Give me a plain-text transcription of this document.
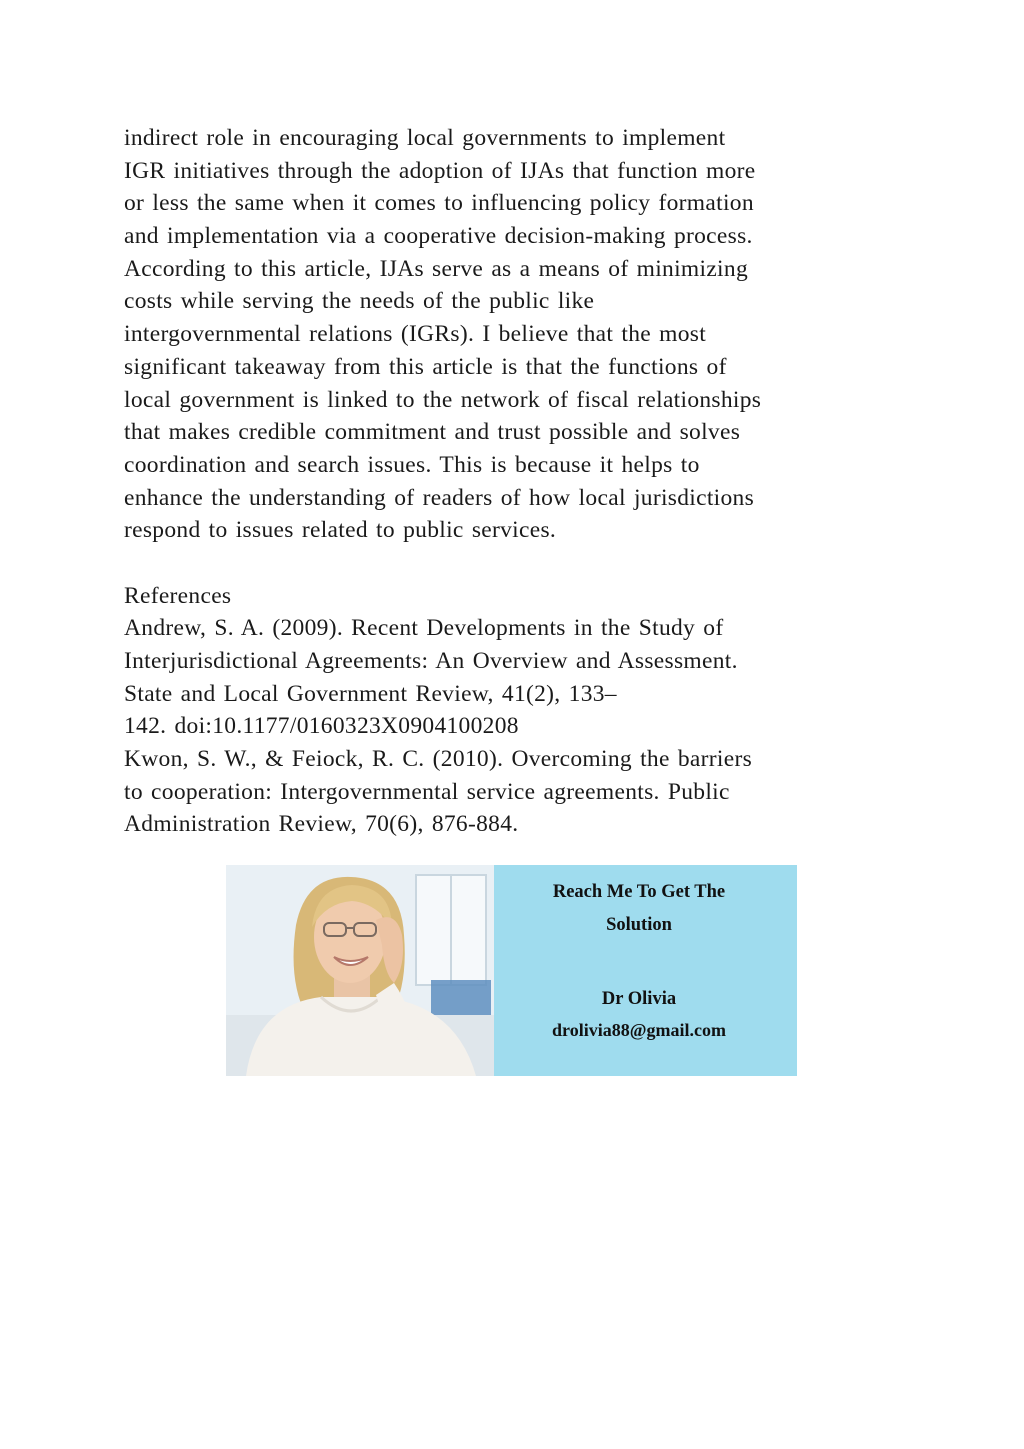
indirect role in encouraging local governments to implement
IGR initiatives through the adoption of IJAs that function more
or less the same when it comes to influencing policy formation
and implementation via a cooperative decision-making process.
According to this article, IJAs serve as a means of minimizing
costs while serving the needs of the public like
intergovernmental relations (IGRs). I believe that the most
significant takeaway from this article is that the functions of
local government is linked to the network of fiscal relationships
that makes credible commitment and trust possible and solves
coordination and search issues. This is because it helps to
enhance the understanding of readers of how local jurisdictions
respond to issues related to public services.
References
Andrew, S. A. (2009). Recent Developments in the Study of
Interjurisdictional Agreements: An Overview and Assessment.
State and Local Government Review, 41(2), 133–
142. doi:10.1177/0160323X0904100208
Kwon, S. W., & Feiock, R. C. (2010). Overcoming the barriers
to cooperation: Intergovernmental service agreements. Public
Administration Review, 70(6), 876-884.
Reach Me To Get The
Solution
Dr Olivia
drolivia88@gmail.com
